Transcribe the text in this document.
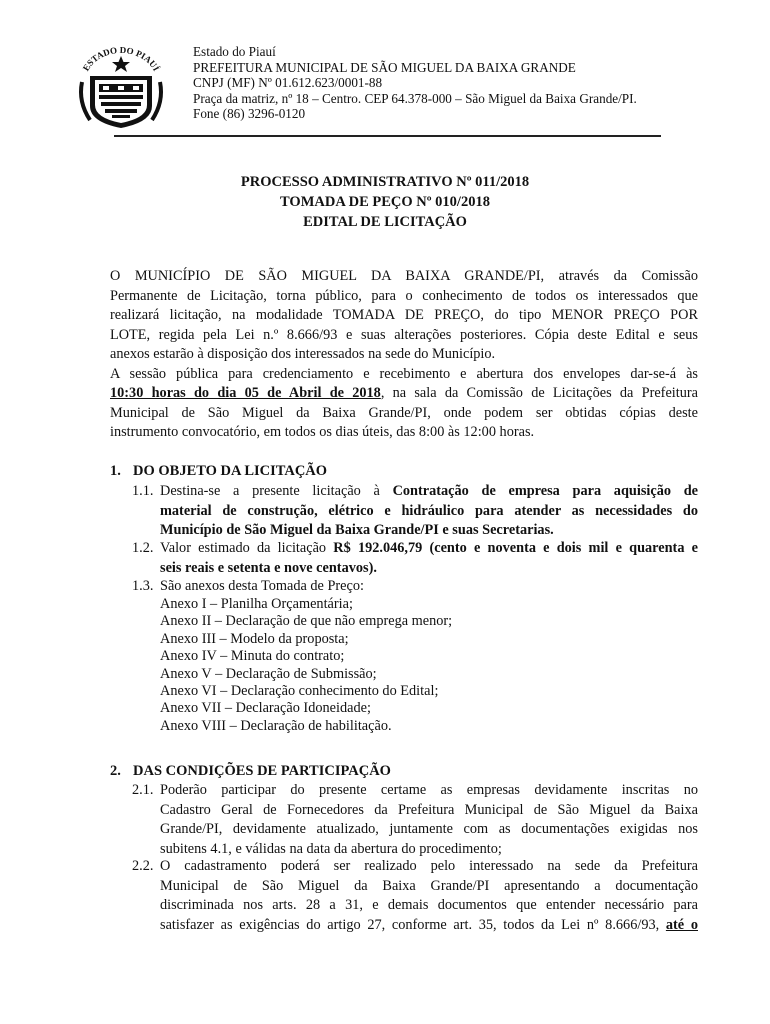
ESTADO DO PIAUÍ
Estado do Piauí
PREFEITURA MUNICIPAL DE SÃO MIGUEL DA BAIXA GRANDE
CNPJ (MF) Nº 01.612.623/0001-88
Praça da matriz, nº 18 – Centro. CEP 64.378-000 – São Miguel da Baixa Grande/PI.
Fone (86) 3296-0120
PROCESSO ADMINISTRATIVO Nº 011/2018
TOMADA DE PEÇO Nº 010/2018
EDITAL DE LICITAÇÃO
O MUNICÍPIO DE SÃO MIGUEL DA BAIXA GRANDE/PI, através da Comissão
Permanente de Licitação, torna público, para o conhecimento de todos os interessados que
realizará licitação, na modalidade TOMADA DE PREÇO, do tipo MENOR PREÇO POR
LOTE, regida pela Lei n.º 8.666/93 e suas alterações posteriores. Cópia deste Edital e seus
anexos estarão à disposição dos interessados na sede do Município.
A sessão pública para credenciamento e recebimento e abertura dos envelopes dar-se-á às
10:30 horas do dia 05 de Abril de 2018, na sala da Comissão de Licitações da Prefeitura
Municipal de São Miguel da Baixa Grande/PI, onde podem ser obtidas cópias deste
instrumento convocatório, em todos os dias úteis, das 8:00 às 12:00 horas.
1. DO OBJETO DA LICITAÇÃO
1.1. Destina-se a presente licitação à Contratação de empresa para aquisição de
material de construção, elétrico e hidráulico para atender as necessidades do
Município de São Miguel da Baixa Grande/PI e suas Secretarias.
1.2. Valor estimado da licitação R$ 192.046,79 (cento e noventa e dois mil e quarenta e
seis reais e setenta e nove centavos).
1.3. São anexos desta Tomada de Preço:
Anexo I – Planilha Orçamentária;
Anexo II – Declaração de que não emprega menor;
Anexo III – Modelo da proposta;
Anexo IV – Minuta do contrato;
Anexo V – Declaração de Submissão;
Anexo VI – Declaração conhecimento do Edital;
Anexo VII – Declaração Idoneidade;
Anexo VIII – Declaração de habilitação.
2. DAS CONDIÇÕES DE PARTICIPAÇÃO
2.1. Poderão participar do presente certame as empresas devidamente inscritas no
Cadastro Geral de Fornecedores da Prefeitura Municipal de São Miguel da Baixa
Grande/PI, devidamente atualizado, juntamente com as documentações exigidas nos
subitens 4.1, e válidas na data da abertura do procedimento;
2.2. O cadastramento poderá ser realizado pelo interessado na sede da Prefeitura
Municipal de São Miguel da Baixa Grande/PI apresentando a documentação
discriminada nos arts. 28 a 31, e demais documentos que entender necessário para
satisfazer as exigências do artigo 27, conforme art. 35, todos da Lei nº 8.666/93, até o
